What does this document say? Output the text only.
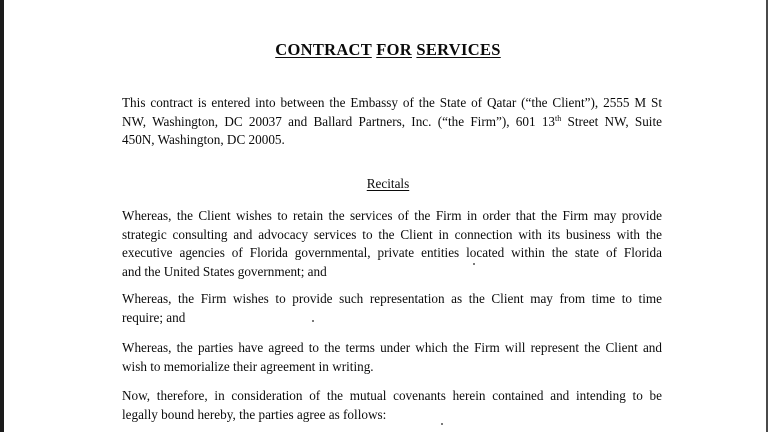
CONTRACT FOR SERVICES
This contract is entered into between the Embassy of the State of Qatar (“the Client”), 2555 M St
NW, Washington, DC 20037 and Ballard Partners, Inc. (“the Firm”), 601 13th Street NW, Suite
450N, Washington, DC 20005.
Recitals
Whereas, the Client wishes to retain the services of the Firm in order that the Firm may provide
strategic consulting and advocacy services to the Client in connection with its business with the
executive agencies of Florida governmental, private entities located within the state of Florida
and the United States government; and
Whereas, the Firm wishes to provide such representation as the Client may from time to time
require; and
Whereas, the parties have agreed to the terms under which the Firm will represent the Client and
wish to memorialize their agreement in writing.
Now, therefore, in consideration of the mutual covenants herein contained and intending to be
legally bound hereby, the parties agree as follows:
